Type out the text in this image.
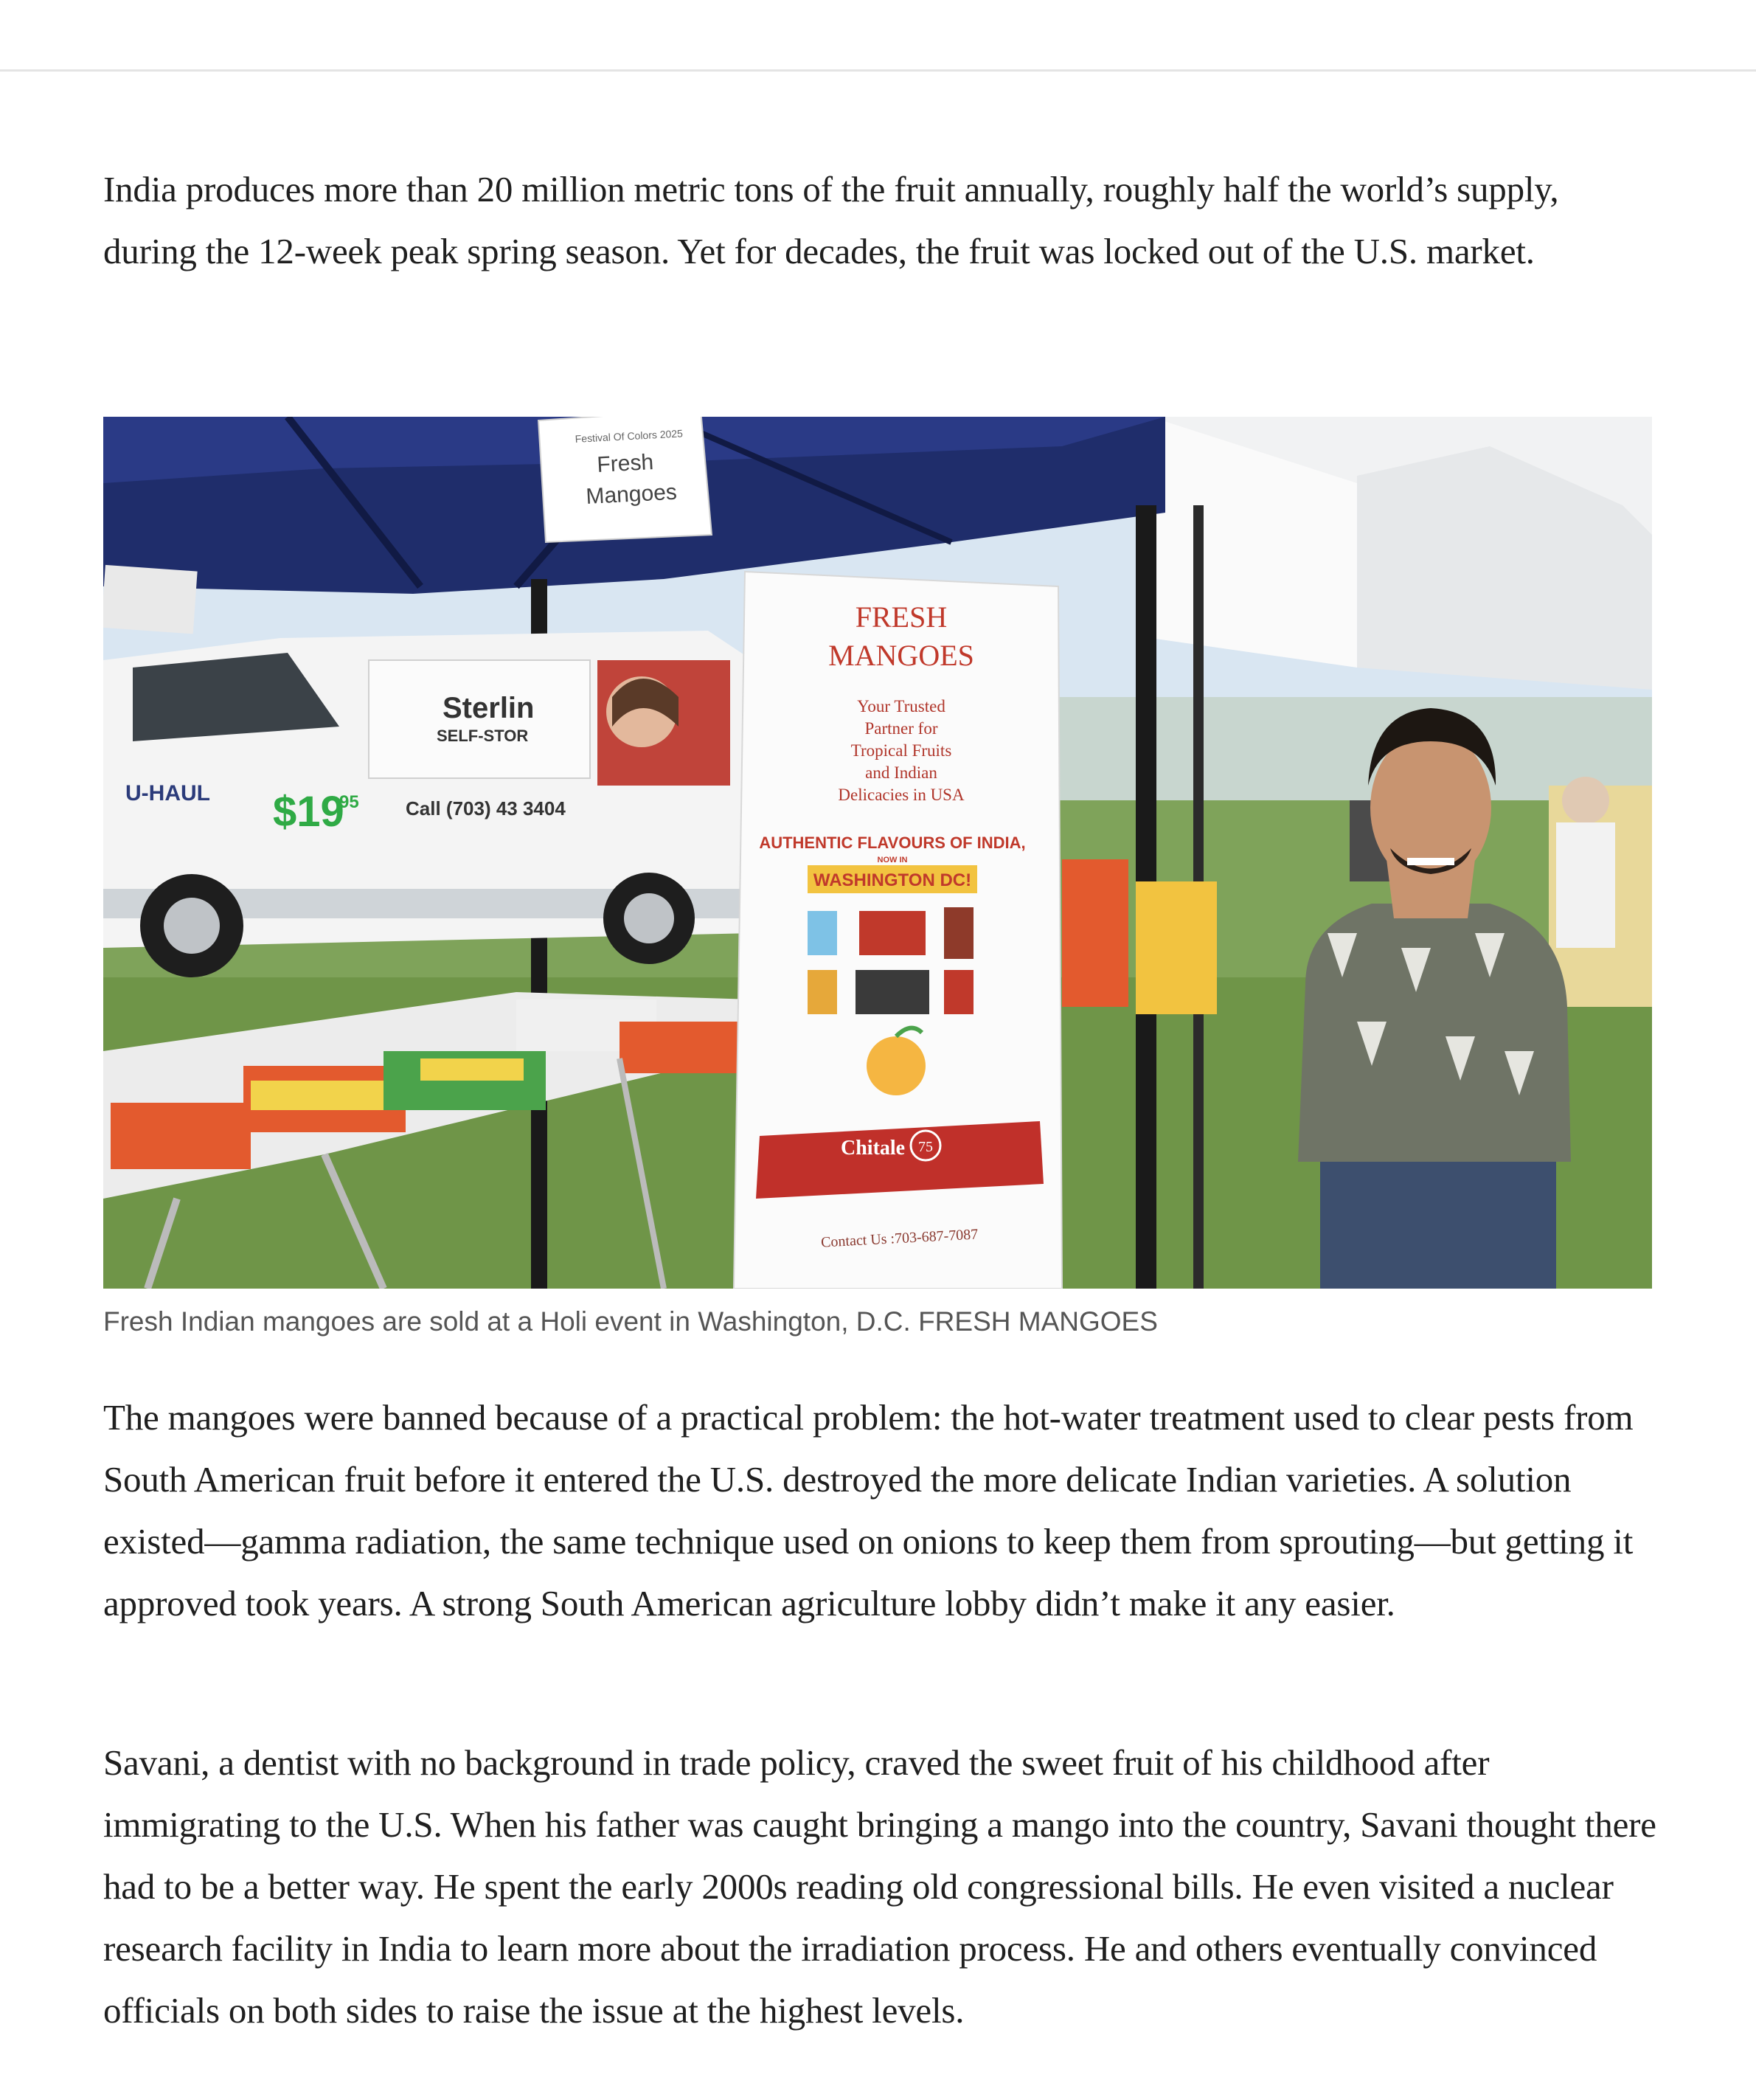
India produces more than 20 million metric tons of the fruit annually, roughly half the world’s supply, during the 12-week peak spring season. Yet for decades, the fruit was locked out of the U.S. market.

U-HAUL $19
95
Sterlin
SELF-STOR
Call (703) 43 3404
Festival Of Colors 2025
Fresh
Mangoes
FRESH
MANGOES
Your Trusted
Partner for
Tropical Fruits
and Indian
Delicacies in USA
AUTHENTIC FLAVOURS OF INDIA,
NOW IN
WASHINGTON DC!
Chitale 75
Contact Us :703-687-7087
Fresh Indian mangoes are sold at a Holi event in Washington, D.C. FRESH MANGOES

The mangoes were banned because of a practical problem: the hot-water treatment used to clear pests from South American fruit before it entered the U.S. destroyed the more delicate Indian varieties. A solution existed—gamma radiation, the same technique used on onions to keep them from sprouting—but getting it approved took years. A strong South American agriculture lobby didn’t make it any easier.

Savani, a dentist with no background in trade policy, craved the sweet fruit of his childhood after immigrating to the U.S. When his father was caught bringing a mango into the country, Savani thought there had to be a better way. He spent the early 2000s reading old congressional bills. He even visited a nuclear research facility in India to learn more about the irradiation process. He and others eventually convinced officials on both sides to raise the issue at the highest levels.
